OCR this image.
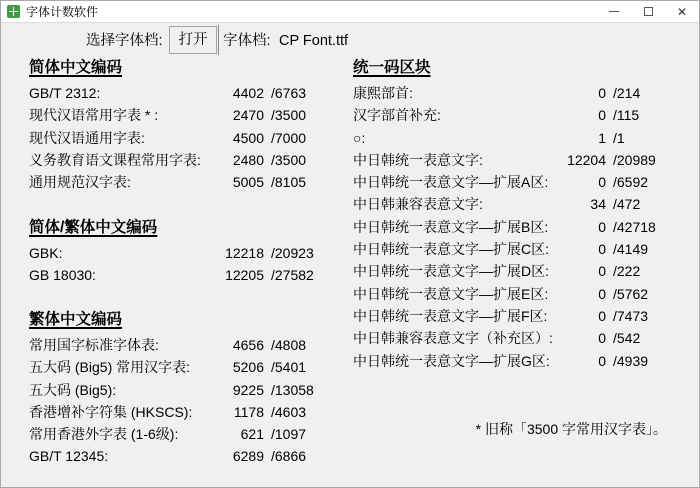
字体计数软件	✕
选择字体档:	打开	字体档: CP Font.ttf
简体中文编码
GB/T 2312:	4402 /6763
现代汉语常用字表 * :	2470 /3500
现代汉语通用字表:	4500 /7000
义务教育语文课程常用字表:	2480 /3500
通用规范汉字表:	5005 /8105
简体/繁体中文编码
GBK:	12218 /20923
GB 18030:	12205 /27582
繁体中文编码
常用国字标准字体表:	4656 /4808
五大码 (Big5) 常用汉字表:	5206 /5401
五大码 (Big5):	9225 /13058
香港增补字符集 (HKSCS):	1178 /4603
常用香港外字表 (1-6级):	621 /1097
GB/T 12345:	6289 /6866
统一码区块
康熙部首:	0 /214
汉字部首补充:	0 /115
○:	1 /1
中日韩统一表意文字:	12204 /20989
中日韩统一表意文字—扩展A区:	0 /6592
中日韩兼容表意文字:	34 /472
中日韩统一表意文字—扩展B区:	0 /42718
中日韩统一表意文字—扩展C区:	0 /4149
中日韩统一表意文字—扩展D区:	0 /222
中日韩统一表意文字—扩展E区:	0 /5762
中日韩统一表意文字—扩展F区:	0 /7473
中日韩兼容表意文字（补充区）:	0 /542
中日韩统一表意文字—扩展G区:	0 /4939
* 旧称「3500 字常用汉字表」。
